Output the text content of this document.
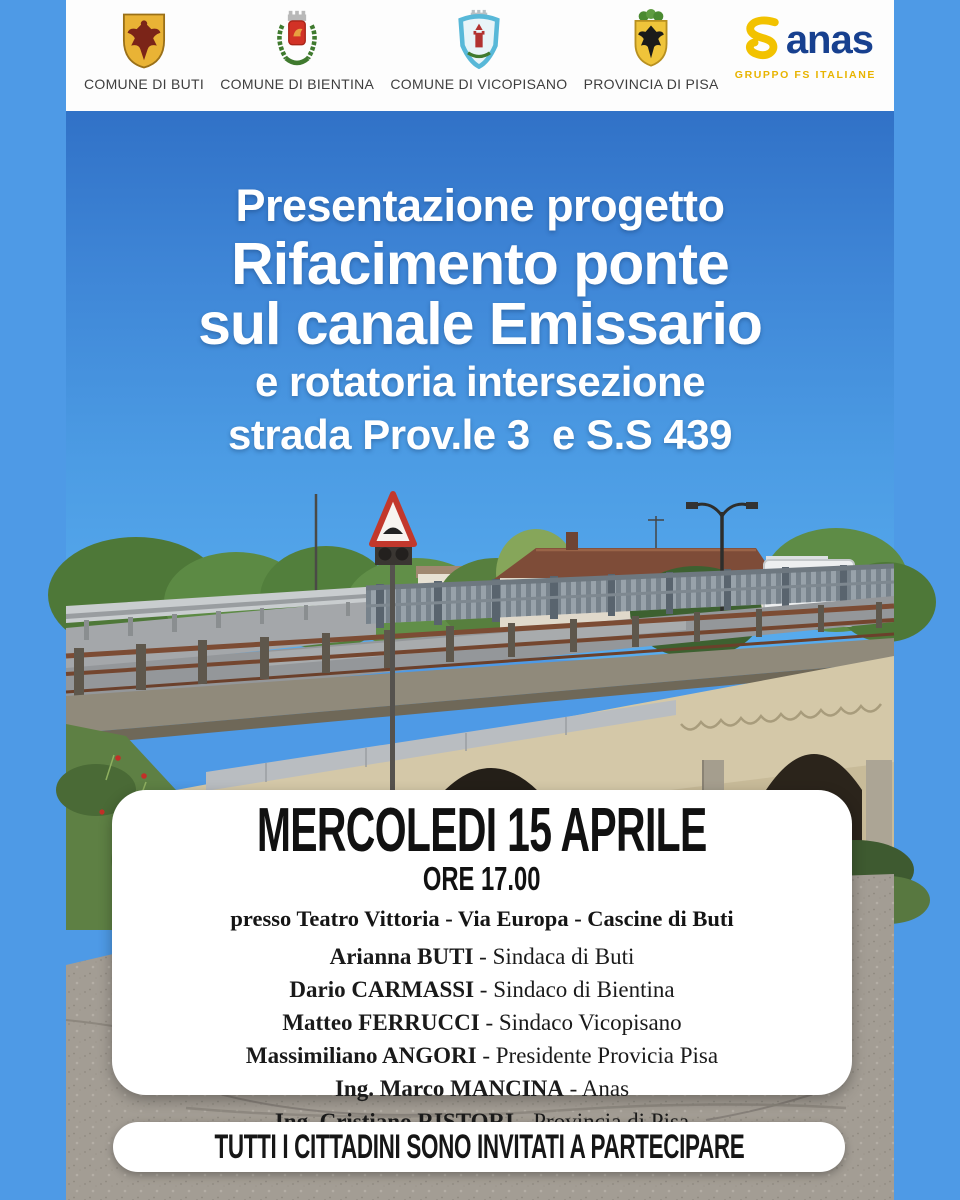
COMUNE DI BUTI COMUNE DI BIENTINA COMUNE DI VICOPISANO PROVINCIA DI PISA
anas
GRUPPO FS ITALIANE
Presentazione progetto
Rifacimento ponte
sul canale Emissario
e rotatoria intersezione
strada Prov.le 3  e S.S 439
MERCOLEDI 15 APRILE
ORE 17.00
presso Teatro Vittoria - Via Europa - Cascine di Buti
Arianna BUTI - Sindaca di Buti
Dario CARMASSI - Sindaco di Bientina
Matteo FERRUCCI - Sindaco Vicopisano
Massimiliano ANGORI - Presidente Provicia Pisa
Ing. Marco MANCINA - Anas
TUTTI I CITTADINI SONO INVITATI A PARTECIPARE
